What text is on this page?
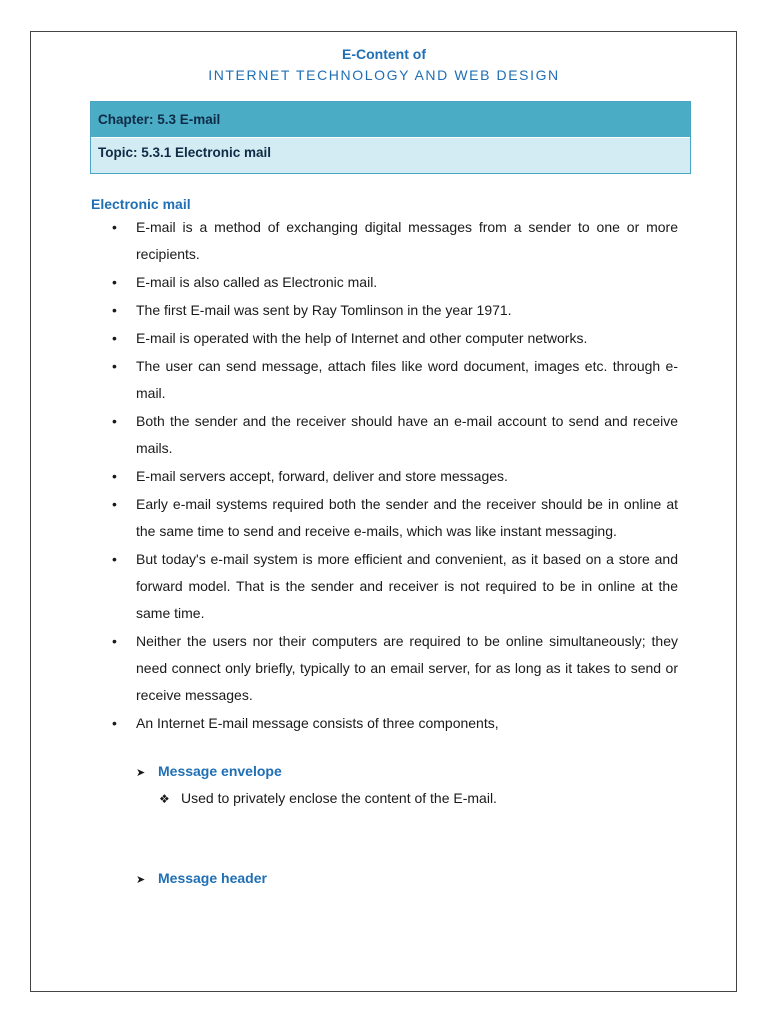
E-Content of
INTERNET TECHNOLOGY AND WEB DESIGN
Chapter: 5.3 E-mail
Topic: 5.3.1 Electronic mail
Electronic mail
• E-mail is a method of exchanging digital messages from a sender to one or more recipients.
• E-mail is also called as Electronic mail.
• The first E-mail was sent by Ray Tomlinson in the year 1971.
• E-mail is operated with the help of Internet and other computer networks.
• The user can send message, attach files like word document, images etc. through e-mail.
• Both the sender and the receiver should have an e-mail account to send and receive mails.
• E-mail servers accept, forward, deliver and store messages.
• Early e-mail systems required both the sender and the receiver should be in online at the same time to send and receive e-mails, which was like instant messaging.
• But today's e-mail system is more efficient and convenient, as it based on a store and forward model. That is the sender and receiver is not required to be in online at the same time.
• Neither the users nor their computers are required to be online simultaneously; they need connect only briefly, typically to an email server, for as long as it takes to send or receive messages.
• An Internet E-mail message consists of three components,
➤ Message envelope
❖ Used to privately enclose the content of the E-mail.
➤ Message header
